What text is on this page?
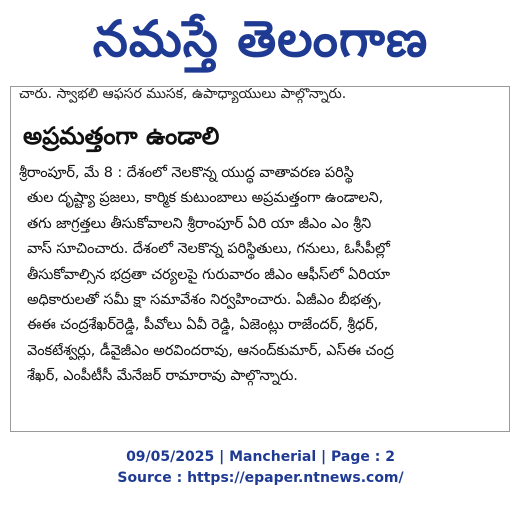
నమస్తే తెలంగాణ
చారు. స్వాభలి ఆఫసర ముసక, ఉపాధ్యాయులు పాల్గొన్నారు.
అప్రమత్తంగా ఉండాలి
శ్రీరాంపూర్, మే 8 : దేశంలో నెలకొన్న యుద్ధ వాతావరణ పరిస్థి
తుల దృష్ట్యా ప్రజలు, కార్మిక కుటుంబాలు అప్రమత్తంగా ఉండాలని,
తగు జాగ్రత్తలు తీసుకోవాలని శ్రీరాంపూర్ ఏరి యా జీఎం ఎం శ్రీని
వాస్ సూచించారు. దేశంలో నెలకొన్న పరిస్థితులు, గనులు, ఓసీపీల్లో
తీసుకోవాల్సిన భద్రతా చర్యలపై గురువారం జీఎం ఆఫీస్‌లో ఏరియా
అధికారులతో సమీ క్షా సమావేశం నిర్వహించారు. ఏజీఎం బీభత్స,
ఈఈ చంద్రశేఖర్‌రెడ్డి, పీవోలు ఏవీ రెడ్డి, ఏజెంట్లు రాజేందర్, శ్రీధర్,
వెంకటేశ్వర్లు, డీవైజీఎం అరవిందరావు, ఆనంద్‌కుమార్, ఎస్ఈ చంద్ర
శేఖర్, ఎంపీటీసీ మేనేజర్ రామారావు పాల్గొన్నారు.
09/05/2025 | Mancherial | Page : 2
Source : https://epaper.ntnews.com/
